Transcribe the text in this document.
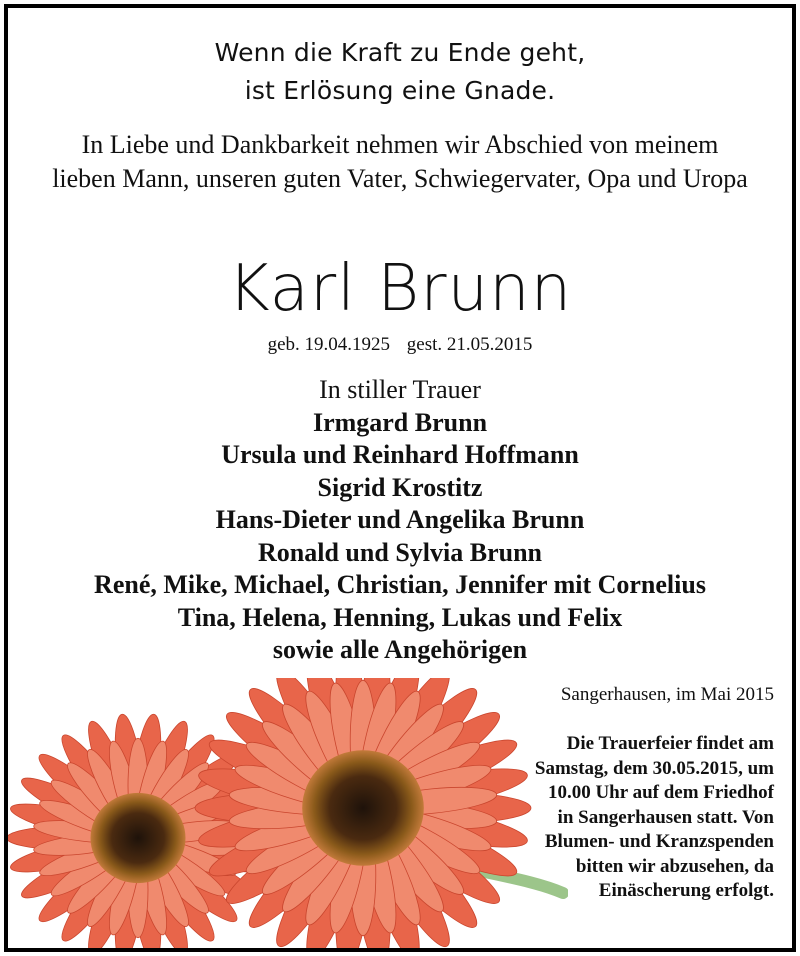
Wenn die Kraft zu Ende geht,
ist Erlösung eine Gnade.
In Liebe und Dankbarkeit nehmen wir Abschied von meinem lieben Mann, unseren guten Vater, Schwiegervater, Opa und Uropa
Karl Brunn
geb. 19.04.1925 gest. 21.05.2015
In stiller Trauer
Irmgard Brunn
Ursula und Reinhard Hoffmann
Sigrid Krostitz
Hans-Dieter und Angelika Brunn
Ronald und Sylvia Brunn
René, Mike, Michael, Christian, Jennifer mit Cornelius
Tina, Helena, Henning, Lukas und Felix
sowie alle Angehörigen
Sangerhausen, im Mai 2015
Die Trauerfeier findet am
Samstag, dem 30.05.2015, um
10.00 Uhr auf dem Friedhof
in Sangerhausen statt. Von
Blumen- und Kranzspenden
bitten wir abzusehen, da
Einäscherung erfolgt.
